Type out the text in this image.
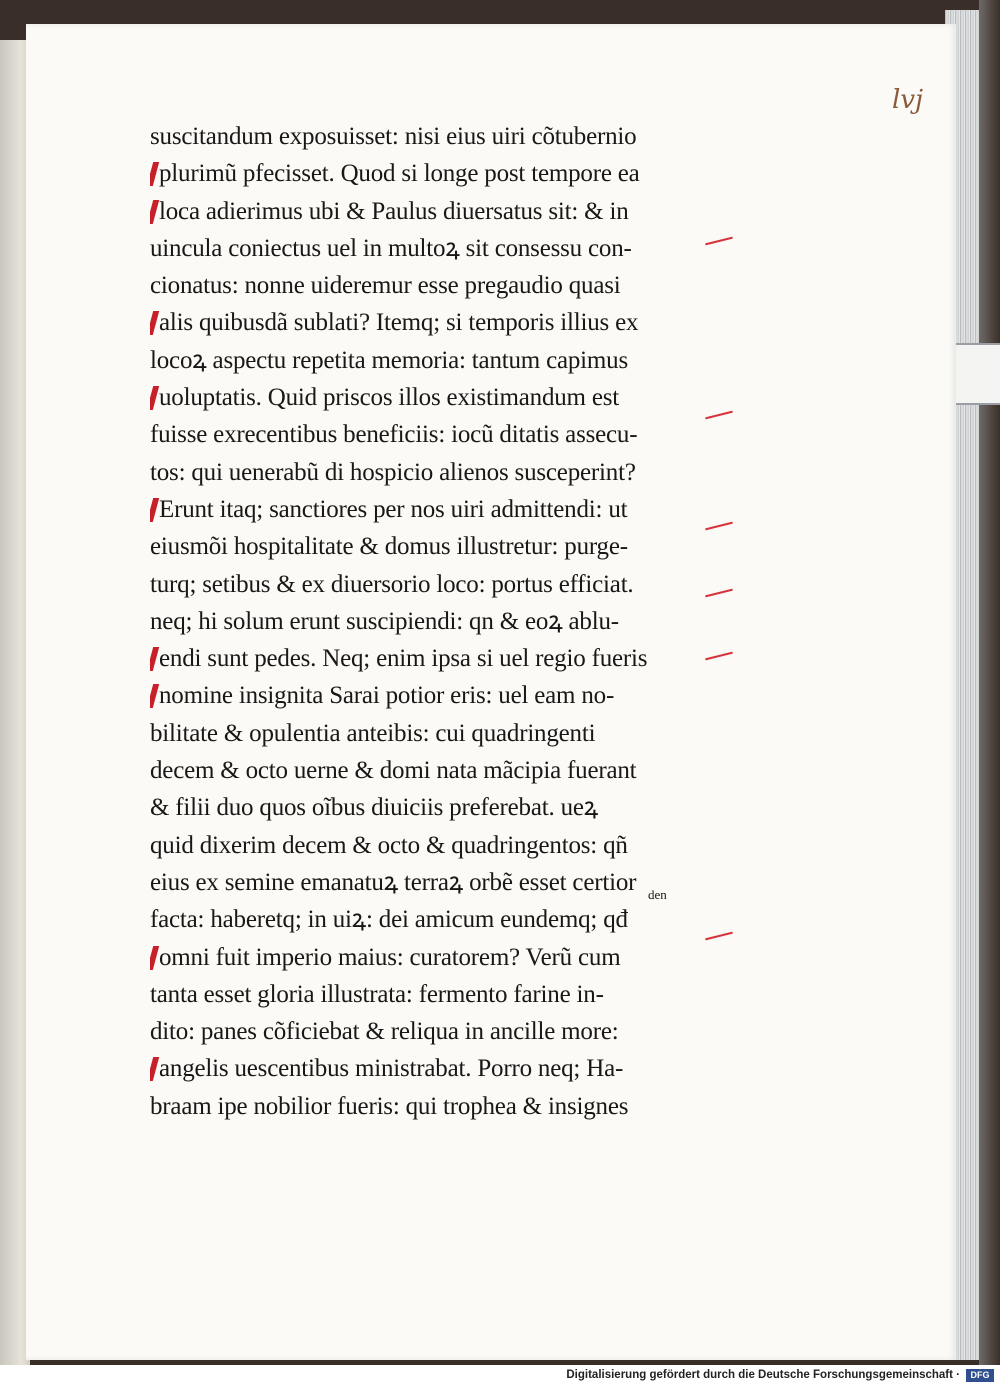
lvj
suscitandum exposuisset: nisi eius uiri cõtubernio
plurimũ pfecisset. Quod si longe post tempore ea
loca adierimus ubi & Paulus diuersatus sit: & in
uincula coniectus uel in multoꝝ sit consessu con-
cionatus: nonne uideremur esse pregaudio quasi
alis quibusdã sublati? Itemq; si temporis illius ex
locoꝝ aspectu repetita memoria: tantum capimus
uoluptatis. Quid priscos illos existimandum est
fuisse exrecentibus beneficiis: iocũ ditatis assecu-
tos: qui uenerabũ di hospicio alienos susceperint?
Erunt itaq; sanctiores per nos uiri admittendi: ut
eiusmõi hospitalitate & domus illustretur: purge-
turq; setibus & ex diuersorio loco: portus efficiat.
neq; hi solum erunt suscipiendi: qn & eoꝝ ablu-
endi sunt pedes. Neq; enim ipsa si uel regio fueris
nomine insignita Sarai potior eris: uel eam no-
bilitate & opulentia anteibis: cui quadringenti
decem & octo uerne & domi nata mãcipia fuerant
& filii duo quos oĩbus diuiciis preferebat. ueꝝ
quid dixerim decem & octo & quadringentos: qñ
eius ex semine emanatuꝝ terraꝝ orbẽ esset certior
facta: haberetq; in uiꝝ: dei amicum eundemq; qđ
omni fuit imperio maius: curatorem? Verũ cum
tanta esset gloria illustrata: fermento farine in-
dito: panes cõficiebat & reliqua in ancille more:
angelis uescentibus ministrabat. Porro neq; Ha-
braam ipe nobilior fueris: qui trophea & insignes
den
Digitalisierung gefördert durch die Deutsche Forschungsgemeinschaft ·	DFG
